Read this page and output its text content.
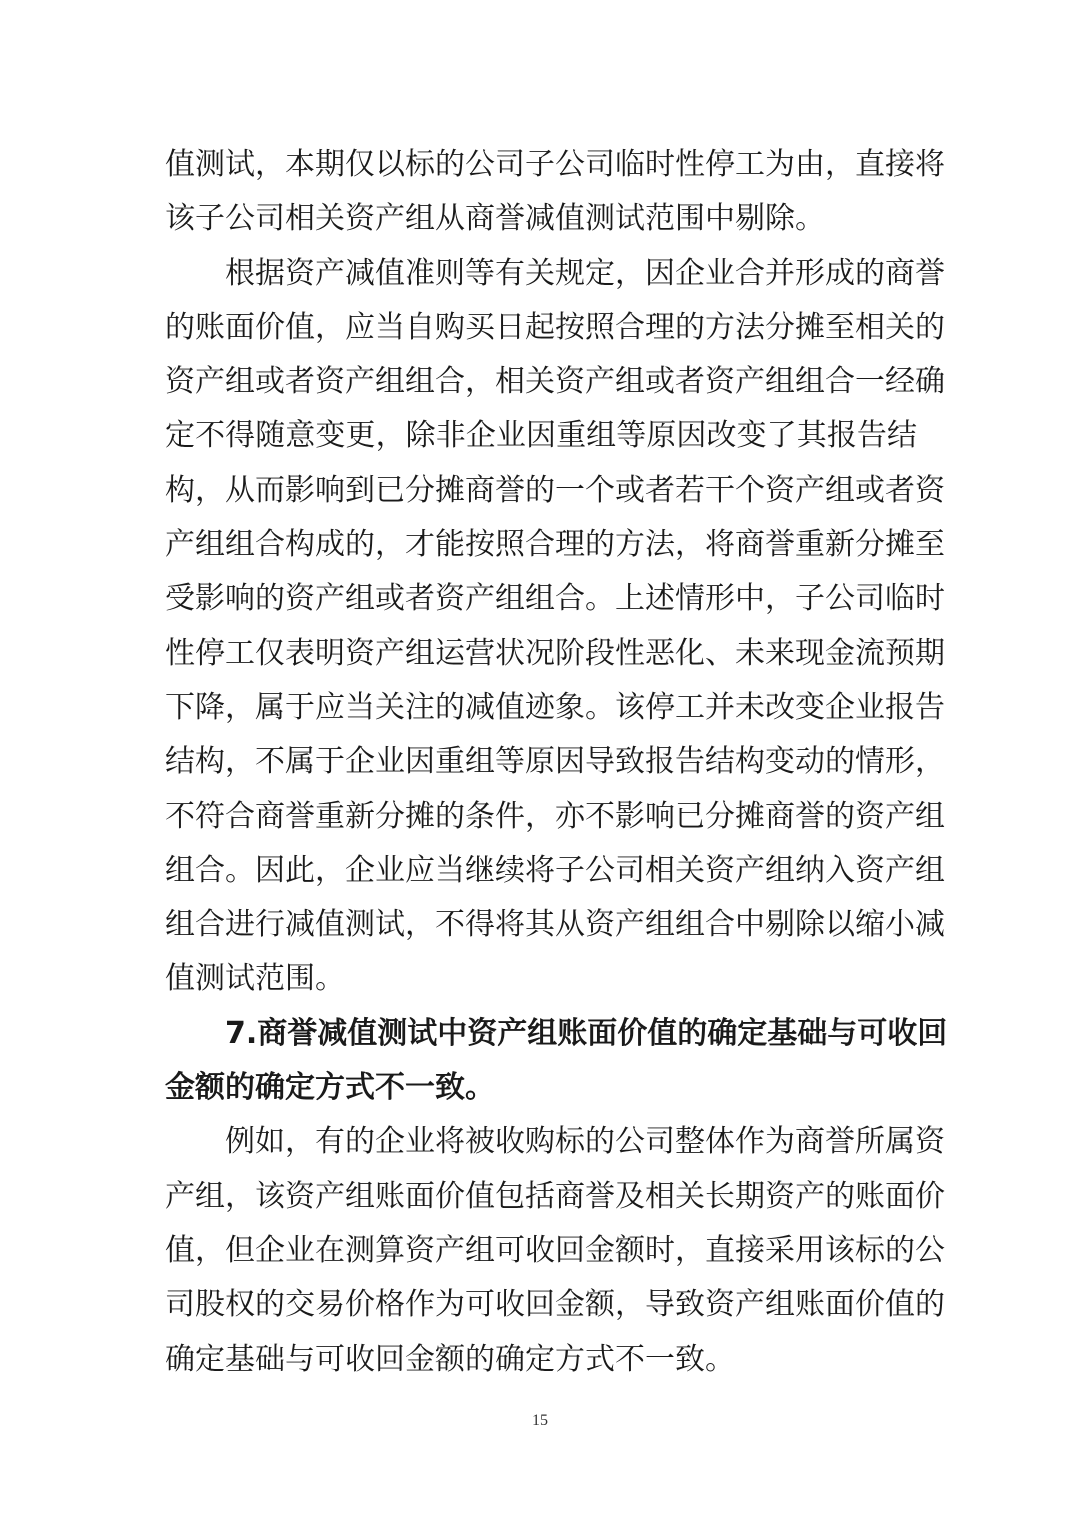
值测试，本期仅以标的公司子公司临时性停工为由，直接将
该子公司相关资产组从商誉减值测试范围中剔除。
　　根据资产减值准则等有关规定，因企业合并形成的商誉
的账面价值，应当自购买日起按照合理的方法分摊至相关的
资产组或者资产组组合，相关资产组或者资产组组合一经确
定不得随意变更，除非企业因重组等原因改变了其报告结
构，从而影响到已分摊商誉的一个或者若干个资产组或者资
产组组合构成的，才能按照合理的方法，将商誉重新分摊至
受影响的资产组或者资产组组合。上述情形中，子公司临时
性停工仅表明资产组运营状况阶段性恶化、未来现金流预期
下降，属于应当关注的减值迹象。该停工并未改变企业报告
结构，不属于企业因重组等原因导致报告结构变动的情形，
不符合商誉重新分摊的条件，亦不影响已分摊商誉的资产组
组合。因此，企业应当继续将子公司相关资产组纳入资产组
组合进行减值测试，不得将其从资产组组合中剔除以缩小减
值测试范围。
　　7.商誉减值测试中资产组账面价值的确定基础与可收回
金额的确定方式不一致。
　　例如，有的企业将被收购标的公司整体作为商誉所属资
产组，该资产组账面价值包括商誉及相关长期资产的账面价
值，但企业在测算资产组可收回金额时，直接采用该标的公
司股权的交易价格作为可收回金额，导致资产组账面价值的
确定基础与可收回金额的确定方式不一致。
15
